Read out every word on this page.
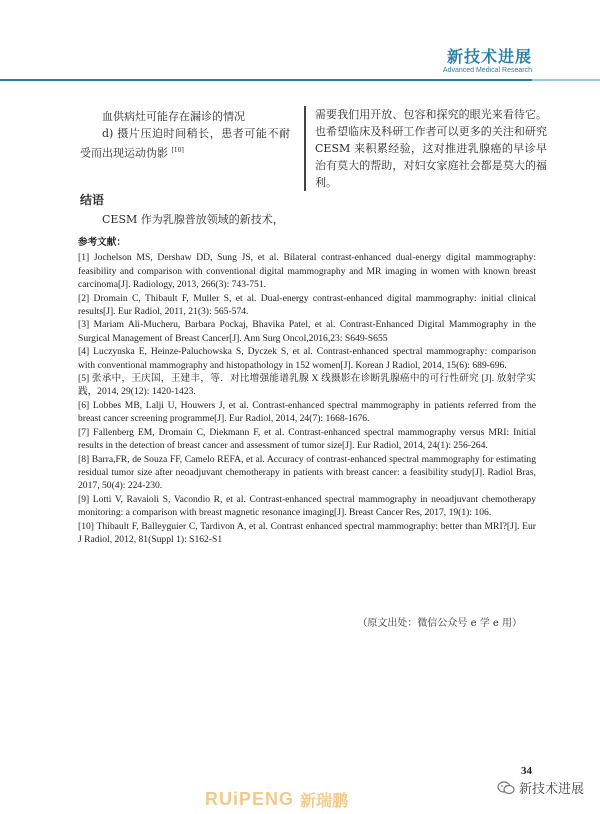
新技术进展
Advanced Medical Research

血供病灶可能存在漏诊的情况

d) 摄片压迫时间稍长，患者可能不耐受而出现运动伪影 [10]

结语

CESM 作为乳腺普放领域的新技术，

需要我们用开放、包容和探究的眼光来看待它。也希望临床及科研工作者可以更多的关注和研究 CESM 来积累经验，这对推进乳腺癌的早诊早治有莫大的帮助，对妇女家庭社会都是莫大的福利。

参考文献：

[1] Jochelson MS, Dershaw DD, Sung JS, et al. Bilateral contrast-enhanced dual-energy digital mammography: feasibility and comparison with conventional digital mammography and MR imaging in women with known breast carcinoma[J]. Radiology, 2013, 266(3): 743-751.

[2] Dromain C, Thibault F, Muller S, et al. Dual-energy contrast-enhanced digital mammography: initial clinical results[J]. Eur Radiol, 2011, 21(3): 565-574.

[3] Mariam Ali-Mucheru, Barbara Pockaj, Bhavika Patel, et al. Contrast-Enhanced Digital Mammography in the Surgical Management of Breast Cancer[J]. Ann Surg Oncol,2016,23: S649-S655

[4] Luczynska E, Heinze-Paluchowska S, Dyczek S, et al. Contrast-enhanced spectral mammography: comparison with conventional mammography and histopathology in 152 women[J]. Korean J Radiol, 2014, 15(6): 689-696.

[5] 张承中，王庆国，王建丰，等．对比增强能谱乳腺 X 线摄影在诊断乳腺癌中的可行性研究 [J]. 放射学实践，2014, 29(12): 1420-1423.

[6] Lobbes MB, Lalji U, Houwers J, et al. Contrast-enhanced spectral mammography in patients referred from the breast cancer screening programme[J]. Eur Radiol, 2014, 24(7): 1668-1676.

[7] Fallenberg EM, Dromain C, Diekmann F, et al. Contrast-enhanced spectral mammography versus MRI: Initial results in the detection of breast cancer and assessment of tumor size[J]. Eur Radiol, 2014, 24(1): 256-264.

[8] Barra,FR, de Souza FF, Camelo REFA, et al. Accuracy of contrast-enhanced spectral mammography for estimating residual tumor size after neoadjuvant chemotherapy in patients with breast cancer: a feasibility study[J]. Radiol Bras, 2017, 50(4): 224-230.

[9] Lotti V, Ravaioli S, Vacondio R, et al. Contrast-enhanced spectral mammography in neoadjuvant chemotherapy monitoring: a comparison with breast magnetic resonance imaging[J]. Breast Cancer Res, 2017, 19(1): 106.

[10] Thibault F, Balleyguier C, Tardivon A, et al. Contrast enhanced spectral mammography: better than MRI?[J]. Eur J Radiol, 2012, 81(Suppl 1): S162-S1

（原文出处：微信公众号 e 学 e 用）
34
RUiPENG 新瑞鹏
新技术进展
